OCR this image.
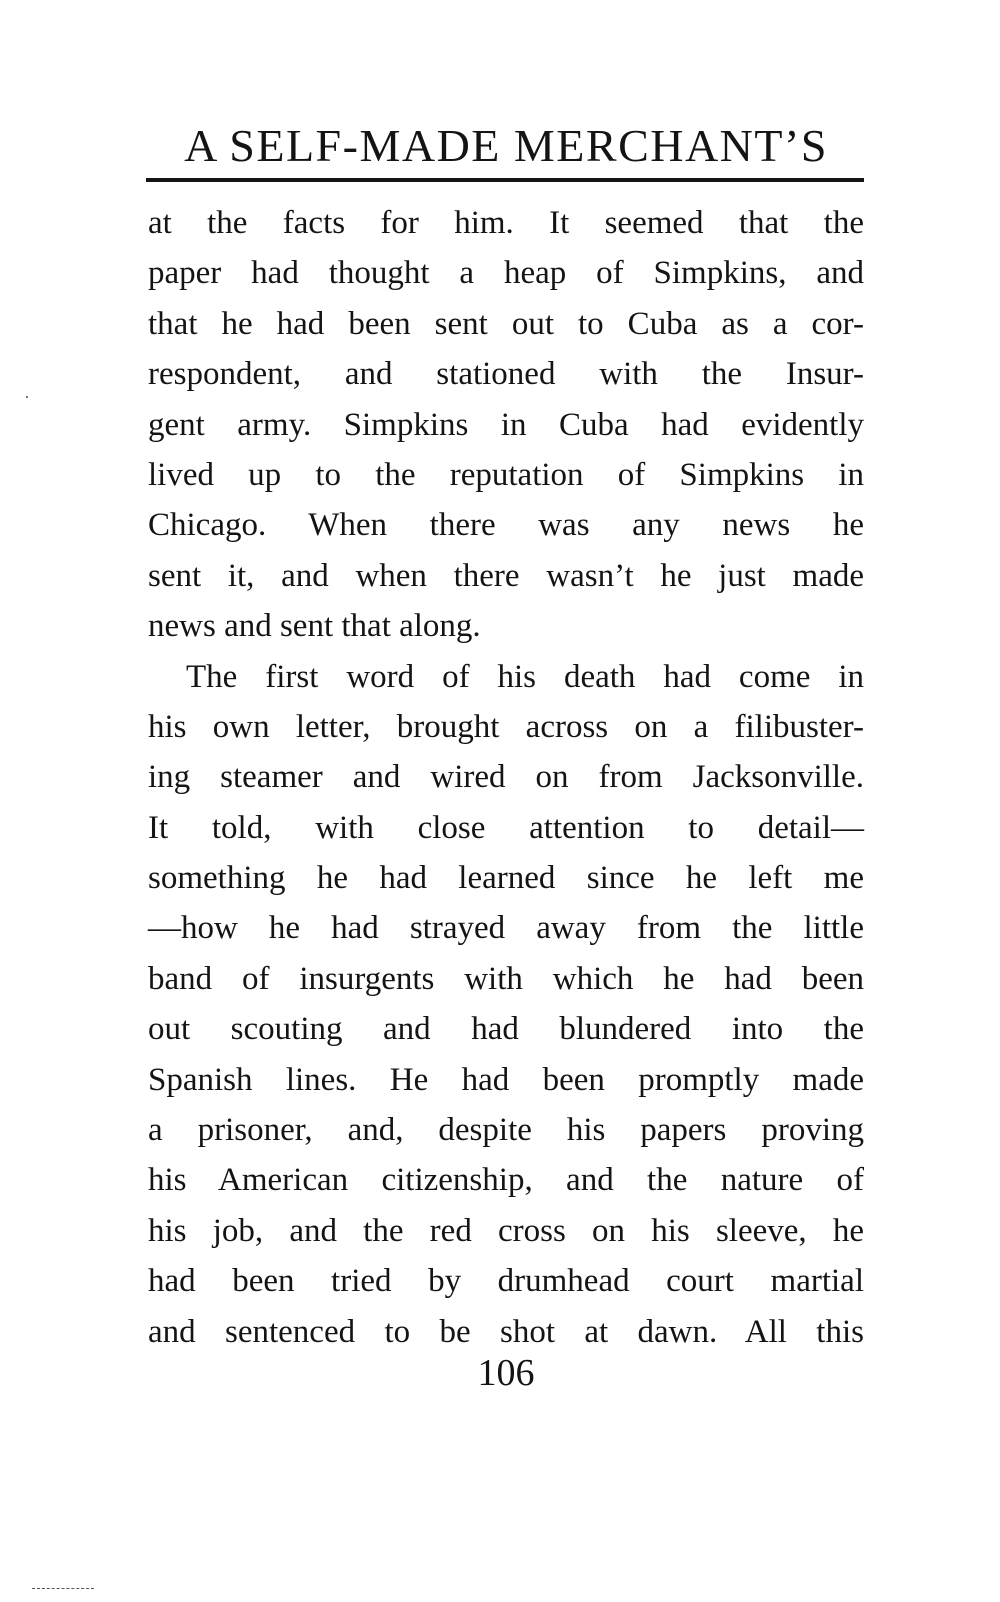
A SELF-MADE MERCHANT’S
at the facts for him. It seemed that the
paper had thought a heap of Simpkins, and
that he had been sent out to Cuba as a cor-
respondent, and stationed with the Insur-
gent army. Simpkins in Cuba had evidently
lived up to the reputation of Simpkins in
Chicago. When there was any news he
sent it, and when there wasn’t he just made
news and sent that along.
The first word of his death had come in
his own letter, brought across on a filibuster-
ing steamer and wired on from Jacksonville.
It told, with close attention to detail—
something he had learned since he left me
—how he had strayed away from the little
band of insurgents with which he had been
out scouting and had blundered into the
Spanish lines. He had been promptly made
a prisoner, and, despite his papers proving
his American citizenship, and the nature of
his job, and the red cross on his sleeve, he
had been tried by drumhead court martial
and sentenced to be shot at dawn. All this
106
